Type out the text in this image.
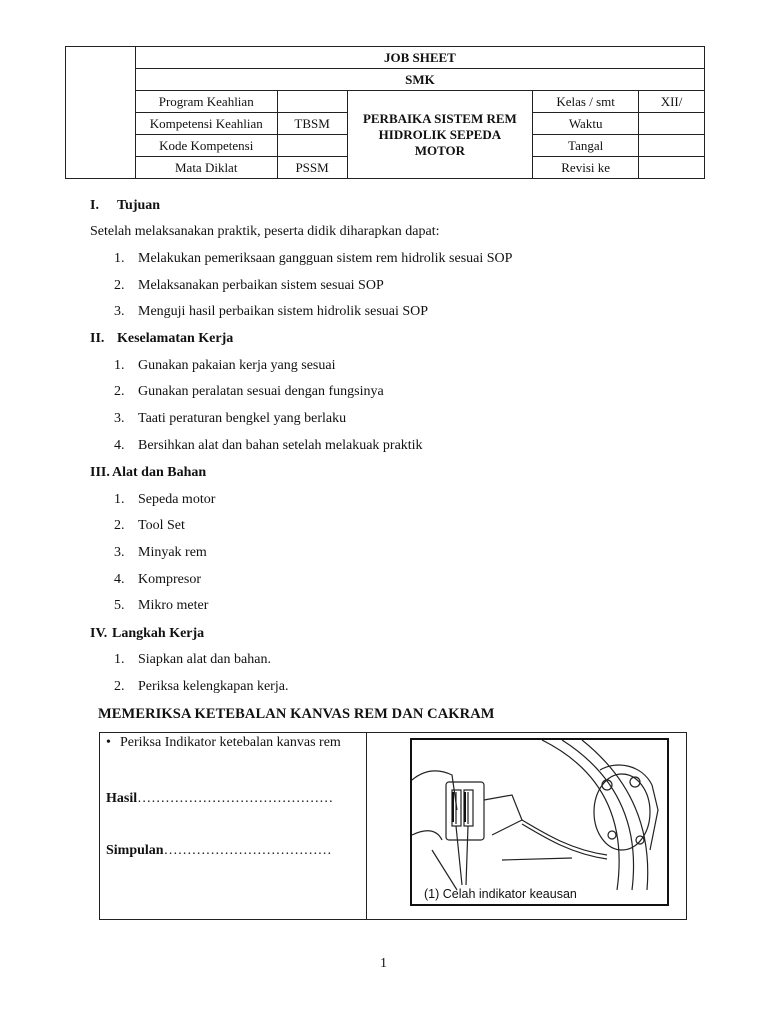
	JOB SHEET				
	SMK				
	Program Keahlian		PERBAIKA SISTEM REM
HIDROLIK SEPEDA
MOTOR	Kelas / smt	XII/
	Kompetensi Keahlian	TBSM		Waktu	
	Kode Kompetensi			Tangal	
	Mata Diklat	PSSM		Revisi ke	
I. Tujuan
Setelah melaksanakan praktik, peserta didik diharapkan dapat:
1. Melakukan pemeriksaan gangguan sistem rem hidrolik sesuai SOP
2. Melaksanakan perbaikan sistem sesuai SOP
3. Menguji hasil perbaikan sistem hidrolik sesuai SOP
II. Keselamatan Kerja
1. Gunakan pakaian kerja yang sesuai
2. Gunakan peralatan sesuai dengan fungsinya
3. Taati peraturan bengkel yang berlaku
4. Bersihkan alat dan bahan setelah melakuak praktik
III. Alat dan Bahan
1. Sepeda motor
2. Tool Set
3. Minyak rem
4. Kompresor
5. Mikro meter
IV. Langkah Kerja
1. Siapkan alat dan bahan.
2. Periksa kelengkapan kerja.
MEMERIKSA KETEBALAN KANVAS REM DAN CAKRAM
• Periksa Indikator ketebalan kanvas rem
Hasil……………………………………
Simpulan………………………………
(1) Celah indikator keausan
1
